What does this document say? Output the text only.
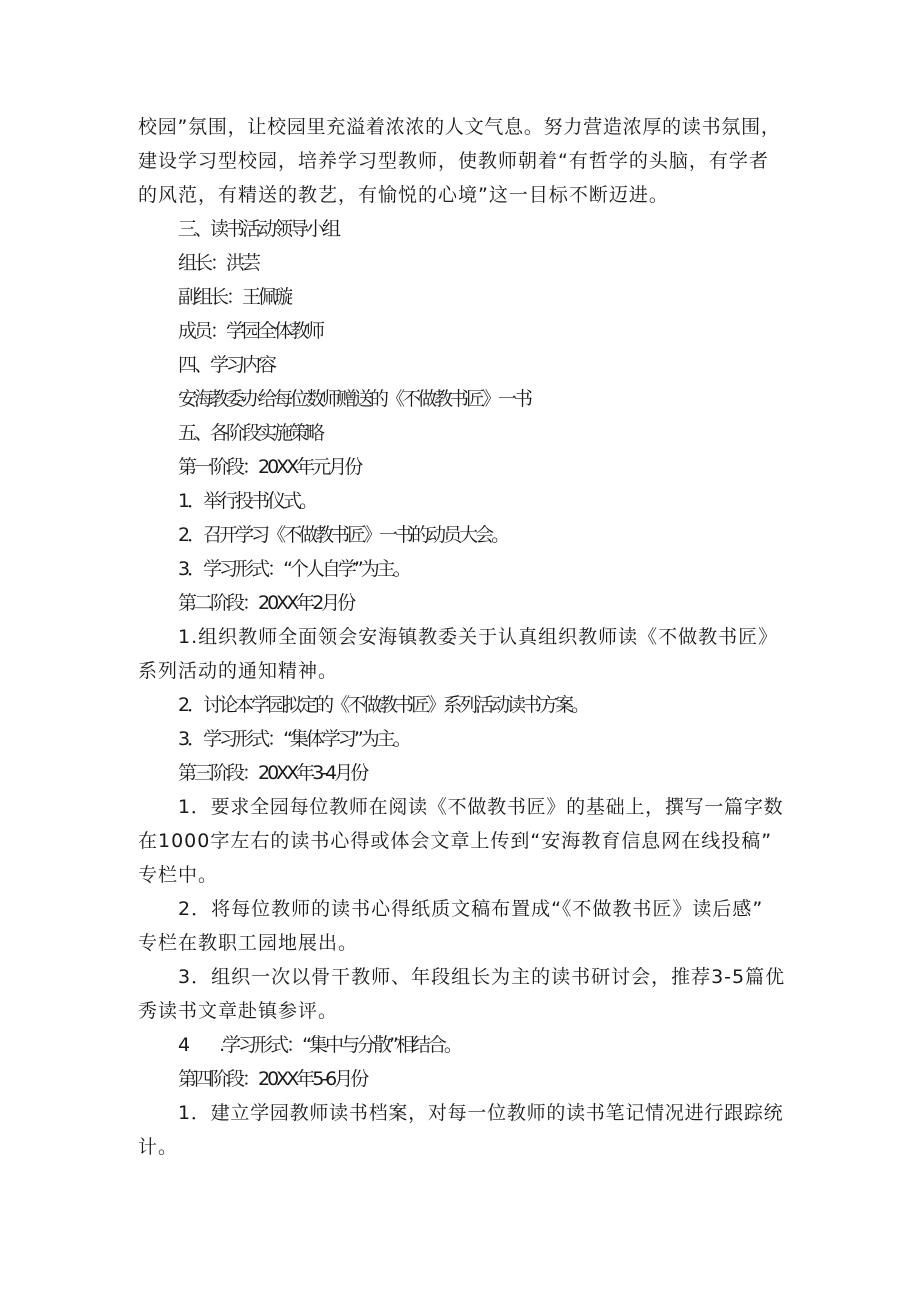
校园”氛围，让校园里充溢着浓浓的人文气息。努力营造浓厚的读书氛围，
建设学习型校园，培养学习型教师，使教师朝着“有哲学的头脑，有学者
的风范，有精送的教艺，有愉悦的心境”这一目标不断迈进。
三、读书活动领导小组
组长：洪芸
副组长：王佩璇
成员：学园全体教师
四、学习内容
安海教委办给每位数师赠送的《不做教书匠》一书
五、各阶段实施策略
第一阶段：20XX年元月份
1．举行投书仪式。
2．召开学习《不做教书匠》一书的动员大会。
3．学习形式：“个人自学”为主。
第二阶段：20XX年2月份
1.组织教师全面领会安海镇教委关于认真组织教师读《不做教书匠》
系列活动的通知精神。
2．讨论本学园拟定的《不做教书匠》系列活动读书方案。
3．学习形式：“集体学习”为主。
第三阶段：20XX年3-4月份
1．要求全园每位教师在阅读《不做教书匠》的基础上，撰写一篇字数
在1000字左右的读书心得或体会文章上传到“安海教育信息网在线投稿”
专栏中。
2．将每位教师的读书心得纸质文稿布置成“《不做教书匠》读后感”
专栏在教职工园地展出。
3．组织一次以骨干教师、年段组长为主的读书研讨会，推荐3-5篇优
秀读书文章赴镇参评。
4　　.学习形式：“集中与分散”相结合。
第四阶段：20XX年5-6月份
1．建立学园教师读书档案，对每一位教师的读书笔记情况进行跟踪统
计。
